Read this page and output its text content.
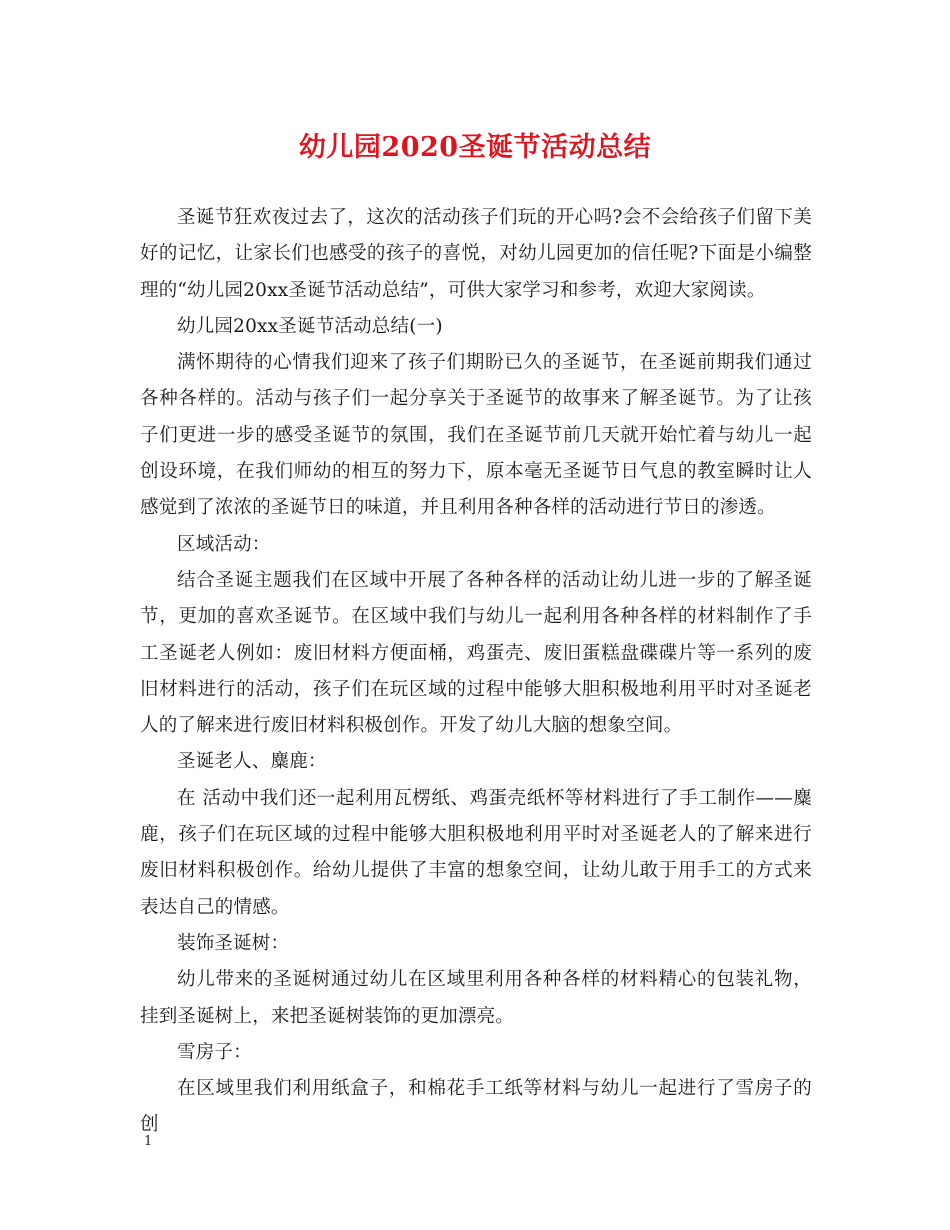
幼儿园2020圣诞节活动总结

圣诞节狂欢夜过去了，这次的活动孩子们玩的开心吗?会不会给孩子们留下美好的记忆，让家长们也感受的孩子的喜悦，对幼儿园更加的信任呢?下面是小编整理的“幼儿园20xx圣诞节活动总结”，可供大家学习和参考，欢迎大家阅读。

幼儿园20xx圣诞节活动总结(一)

满怀期待的心情我们迎来了孩子们期盼已久的圣诞节，在圣诞前期我们通过各种各样的。活动与孩子们一起分享关于圣诞节的故事来了解圣诞节。为了让孩子们更进一步的感受圣诞节的氛围，我们在圣诞节前几天就开始忙着与幼儿一起创设环境，在我们师幼的相互的努力下，原本毫无圣诞节日气息的教室瞬时让人感觉到了浓浓的圣诞节日的味道，并且利用各种各样的活动进行节日的渗透。

区域活动：

结合圣诞主题我们在区域中开展了各种各样的活动让幼儿进一步的了解圣诞节，更加的喜欢圣诞节。在区域中我们与幼儿一起利用各种各样的材料制作了手工圣诞老人例如：废旧材料方便面桶，鸡蛋壳、废旧蛋糕盘碟碟片等一系列的废旧材料进行的活动，孩子们在玩区域的过程中能够大胆积极地利用平时对圣诞老人的了解来进行废旧材料积极创作。开发了幼儿大脑的想象空间。

圣诞老人、麋鹿：

在 活动中我们还一起利用瓦楞纸、鸡蛋壳纸杯等材料进行了手工制作——麋鹿，孩子们在玩区域的过程中能够大胆积极地利用平时对圣诞老人的了解来进行废旧材料积极创作。给幼儿提供了丰富的想象空间，让幼儿敢于用手工的方式来表达自己的情感。

装饰圣诞树：

幼儿带来的圣诞树通过幼儿在区域里利用各种各样的材料精心的包装礼物，挂到圣诞树上，来把圣诞树装饰的更加漂亮。

雪房子：

在区域里我们利用纸盒子，和棉花手工纸等材料与幼儿一起进行了雪房子的创

1
